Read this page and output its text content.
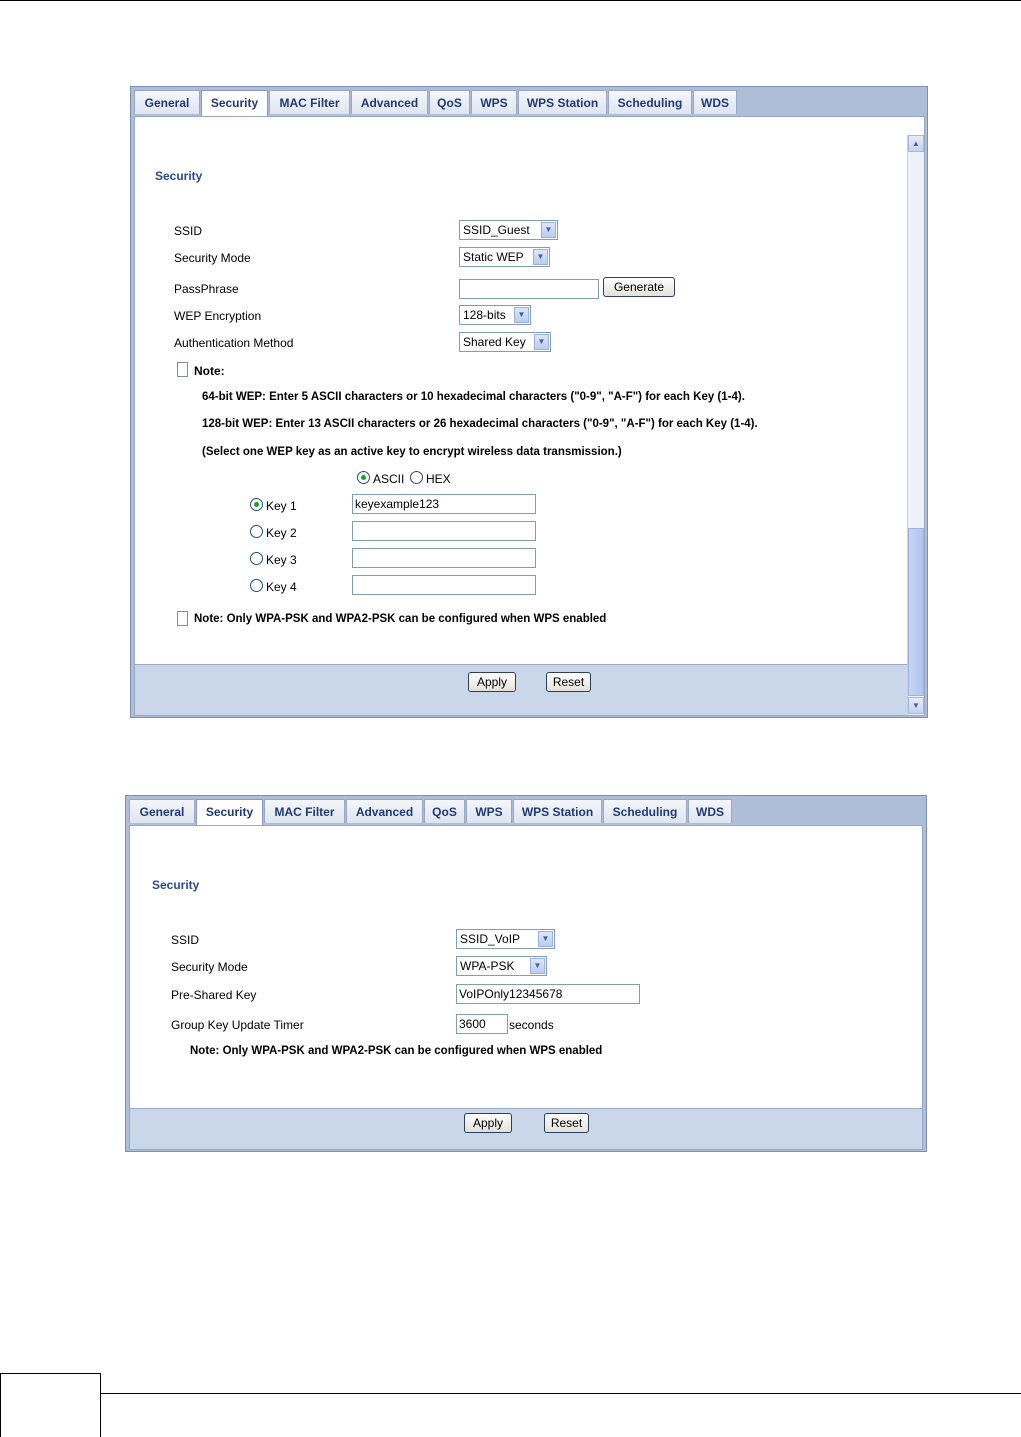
General	Security	MAC Filter	Advanced	QoS	WPS	WPS Station	Scheduling	WDS
Security
SSID	SSID_Guest	▼
Security Mode	Static WEP	▼
PassPhrase	Generate
WEP Encryption	128-bits	▼
Authentication Method	Shared Key	▼
Note:
64-bit WEP: Enter 5 ASCII characters or 10 hexadecimal characters ("0-9", "A-F") for each Key (1-4).
128-bit WEP: Enter 13 ASCII characters or 26 hexadecimal characters ("0-9", "A-F") for each Key (1-4).
(Select one WEP key as an active key to encrypt wireless data transmission.)
ASCII HEX
Key 1	keyexample123
Key 2
Key 3
Key 4
Note: Only WPA-PSK and WPA2-PSK can be configured when WPS enabled
Apply	Reset
▲
▼
General	Security	MAC Filter	Advanced	QoS	WPS	WPS Station	Scheduling	WDS
Security
SSID	SSID_VoIP	▼
Security Mode	WPA-PSK	▼
Pre-Shared Key	VoIPOnly12345678
Group Key Update Timer	3600	seconds
Note: Only WPA-PSK and WPA2-PSK can be configured when WPS enabled
Apply	Reset
